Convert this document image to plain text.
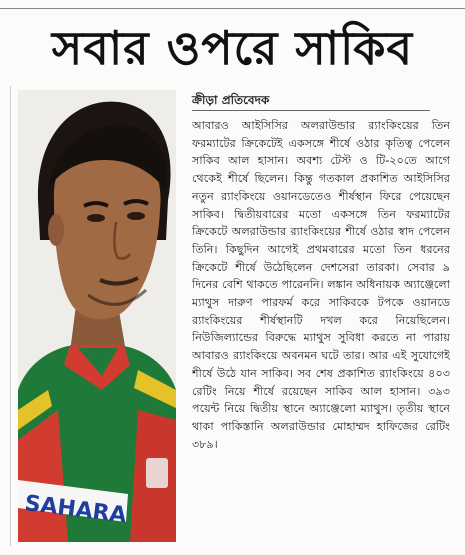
সবার ওপরে সাকিব
SAHARA
ক্রীড়া প্রতিবেদক

আবারও আইসিসির অলরাউন্ডার র‍্যাংকিংয়ের তিন ফরম্যাটের ক্রিকেটেই একসঙ্গে শীর্ষে ওঠার কৃতিত্ব পেলেন সাকিব আল হাসান। অবশ্য টেস্ট ও টি-২০তে আগে থেকেই শীর্ষে ছিলেন। কিন্তু গতকাল প্রকাশিত আইসিসির নতুন র‍্যাংকিংয়ে ওয়ানডেতেও শীর্ষস্থান ফিরে পেয়েছেন সাকিব। দ্বিতীয়বারের মতো একসঙ্গে তিন ফরম্যাটের ক্রিকেটে অলরাউন্ডার র‍্যাংকিংয়ের শীর্ষে ওঠার স্বাদ পেলেন তিনি। কিছুদিন আগেই প্রথমবারের মতো তিন ধরনের ক্রিকেটে শীর্ষে উঠেছিলেন দেশসেরা তারকা। সেবার ৯ দিনের বেশি থাকতে পারেননি। লঙ্কান অধিনায়ক অ্যাঞ্জেলো ম্যাথুস দারুণ পারফর্ম করে সাকিবকে টপকে ওয়ানডে র‍্যাংকিংয়ের শীর্ষস্থানটি দখল করে নিয়েছিলেন। নিউজিল্যান্ডের বিরুদ্ধে ম্যাথুস সুবিধা করতে না পারায় আবারও র‍্যাংকিংয়ে অবনমন ঘটে তার। আর এই সুযোগেই শীর্ষে উঠে যান সাকিব। সব শেষ প্রকাশিত র‍্যাংকিংয়ে ৪০৩ রেটিং নিয়ে শীর্ষে রয়েছেন সাকিব আল হাসান। ৩৯৩ পয়েন্ট নিয়ে দ্বিতীয় স্থানে অ্যাঞ্জেলো ম্যাথুস। তৃতীয় স্থানে থাকা পাকিস্তানি অলরাউন্ডার মোহাম্মদ হাফিজের রেটিং ৩৮৯।
